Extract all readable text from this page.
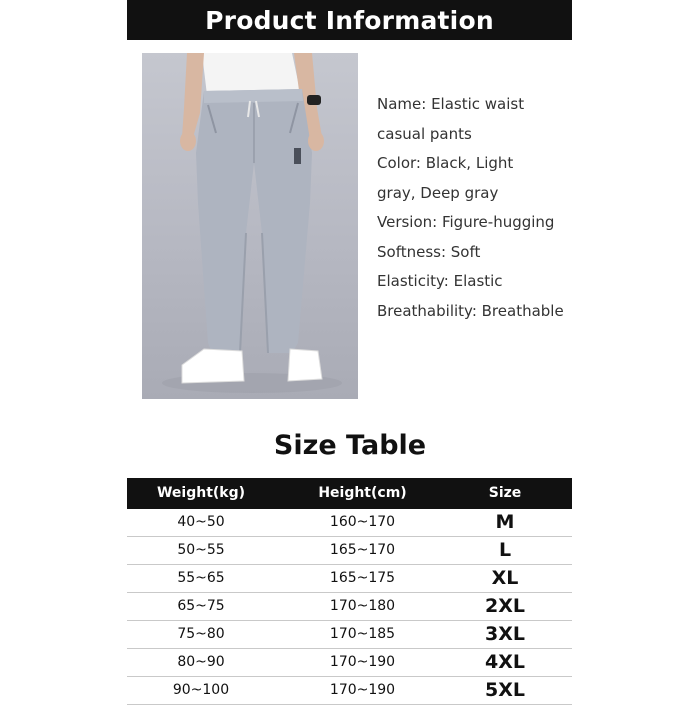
Product Information
Name: Elastic waist
casual pants
Color: Black, Light
gray, Deep gray
Version: Figure-hugging
Softness: Soft
Elasticity: Elastic
Breathability: Breathable
Size Table
Weight(kg)	Height(cm)	Size
40~50	160~170	M
50~55	165~170	L
55~65	165~175	XL
65~75	170~180	2XL
75~80	170~185	3XL
80~90	170~190	4XL
90~100	170~190	5XL
